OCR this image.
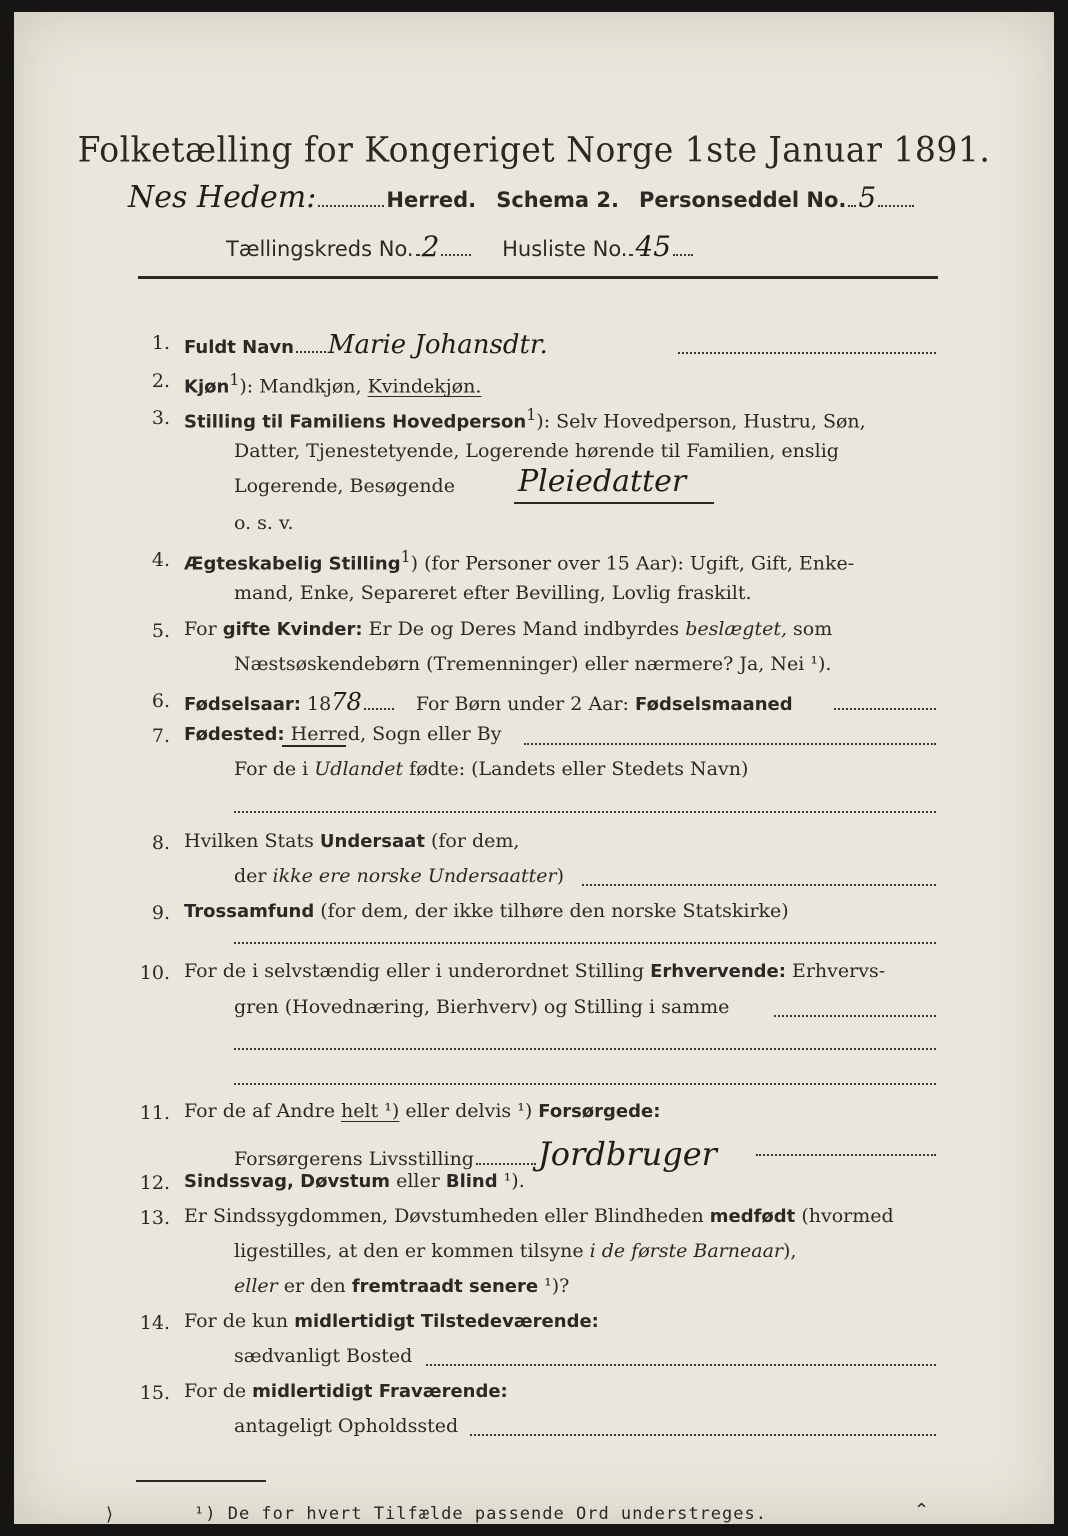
Folketælling for Kongeriget Norge 1ste Januar 1891.
Nes Hedem:	Herred. Schema 2. Personseddel No. 5
Tællingskreds No. 2	Husliste No. 45
1. Fuldt Navn Marie Johansdtr.
2. Kjøn$^1$): Mandkjøn, Kvindekjøn.
3. Stilling til Familiens Hovedperson$^1$): Selv Hovedperson, Hustru, Søn,
Datter, Tjenestetyende, Logerende hørende til Familien, enslig
Logerende, Besøgende Pleiedatter
o. s. v.
4. Ægteskabelig Stilling$^1$) (for Personer over 15 Aar): Ugift, Gift, Enke-
mand, Enke, Separeret efter Bevilling, Lovlig fraskilt.
5. For gifte Kvinder: Er De og Deres Mand indbyrdes beslægtet, som
Næstsøskendebørn (Tremenninger) eller nærmere? Ja, Nei ¹).
6. Fødselsaar: 1878	For Børn under 2 Aar: Fødselsmaaned
7. Fødested: Herred, Sogn eller By
For de i Udlandet fødte: (Landets eller Stedets Navn)
8. Hvilken Stats Undersaat (for dem,
der ikke ere norske Undersaatter)
9. Trossamfund (for dem, der ikke tilhøre den norske Statskirke)
10. For de i selvstændig eller i underordnet Stilling Erhvervende: Erhvervs-
gren (Hovednæring, Bierhverv) og Stilling i samme
11. For de af Andre helt ¹) eller delvis ¹) Forsørgede:
Forsørgerens Livsstilling Jordbruger
12. Sindssvag, Døvstum eller Blind ¹).
13. Er Sindssygdommen, Døvstumheden eller Blindheden medfødt (hvormed
ligestilles, at den er kommen tilsyne i de første Barneaar),
eller er den fremtraadt senere ¹)?
14. For de kun midlertidigt Tilstedeværende:
sædvanligt Bosted
15. For de midlertidigt Fraværende:
antageligt Opholdssted
¹) De for hvert Tilfælde passende Ord understreges.
⟩	⌃
